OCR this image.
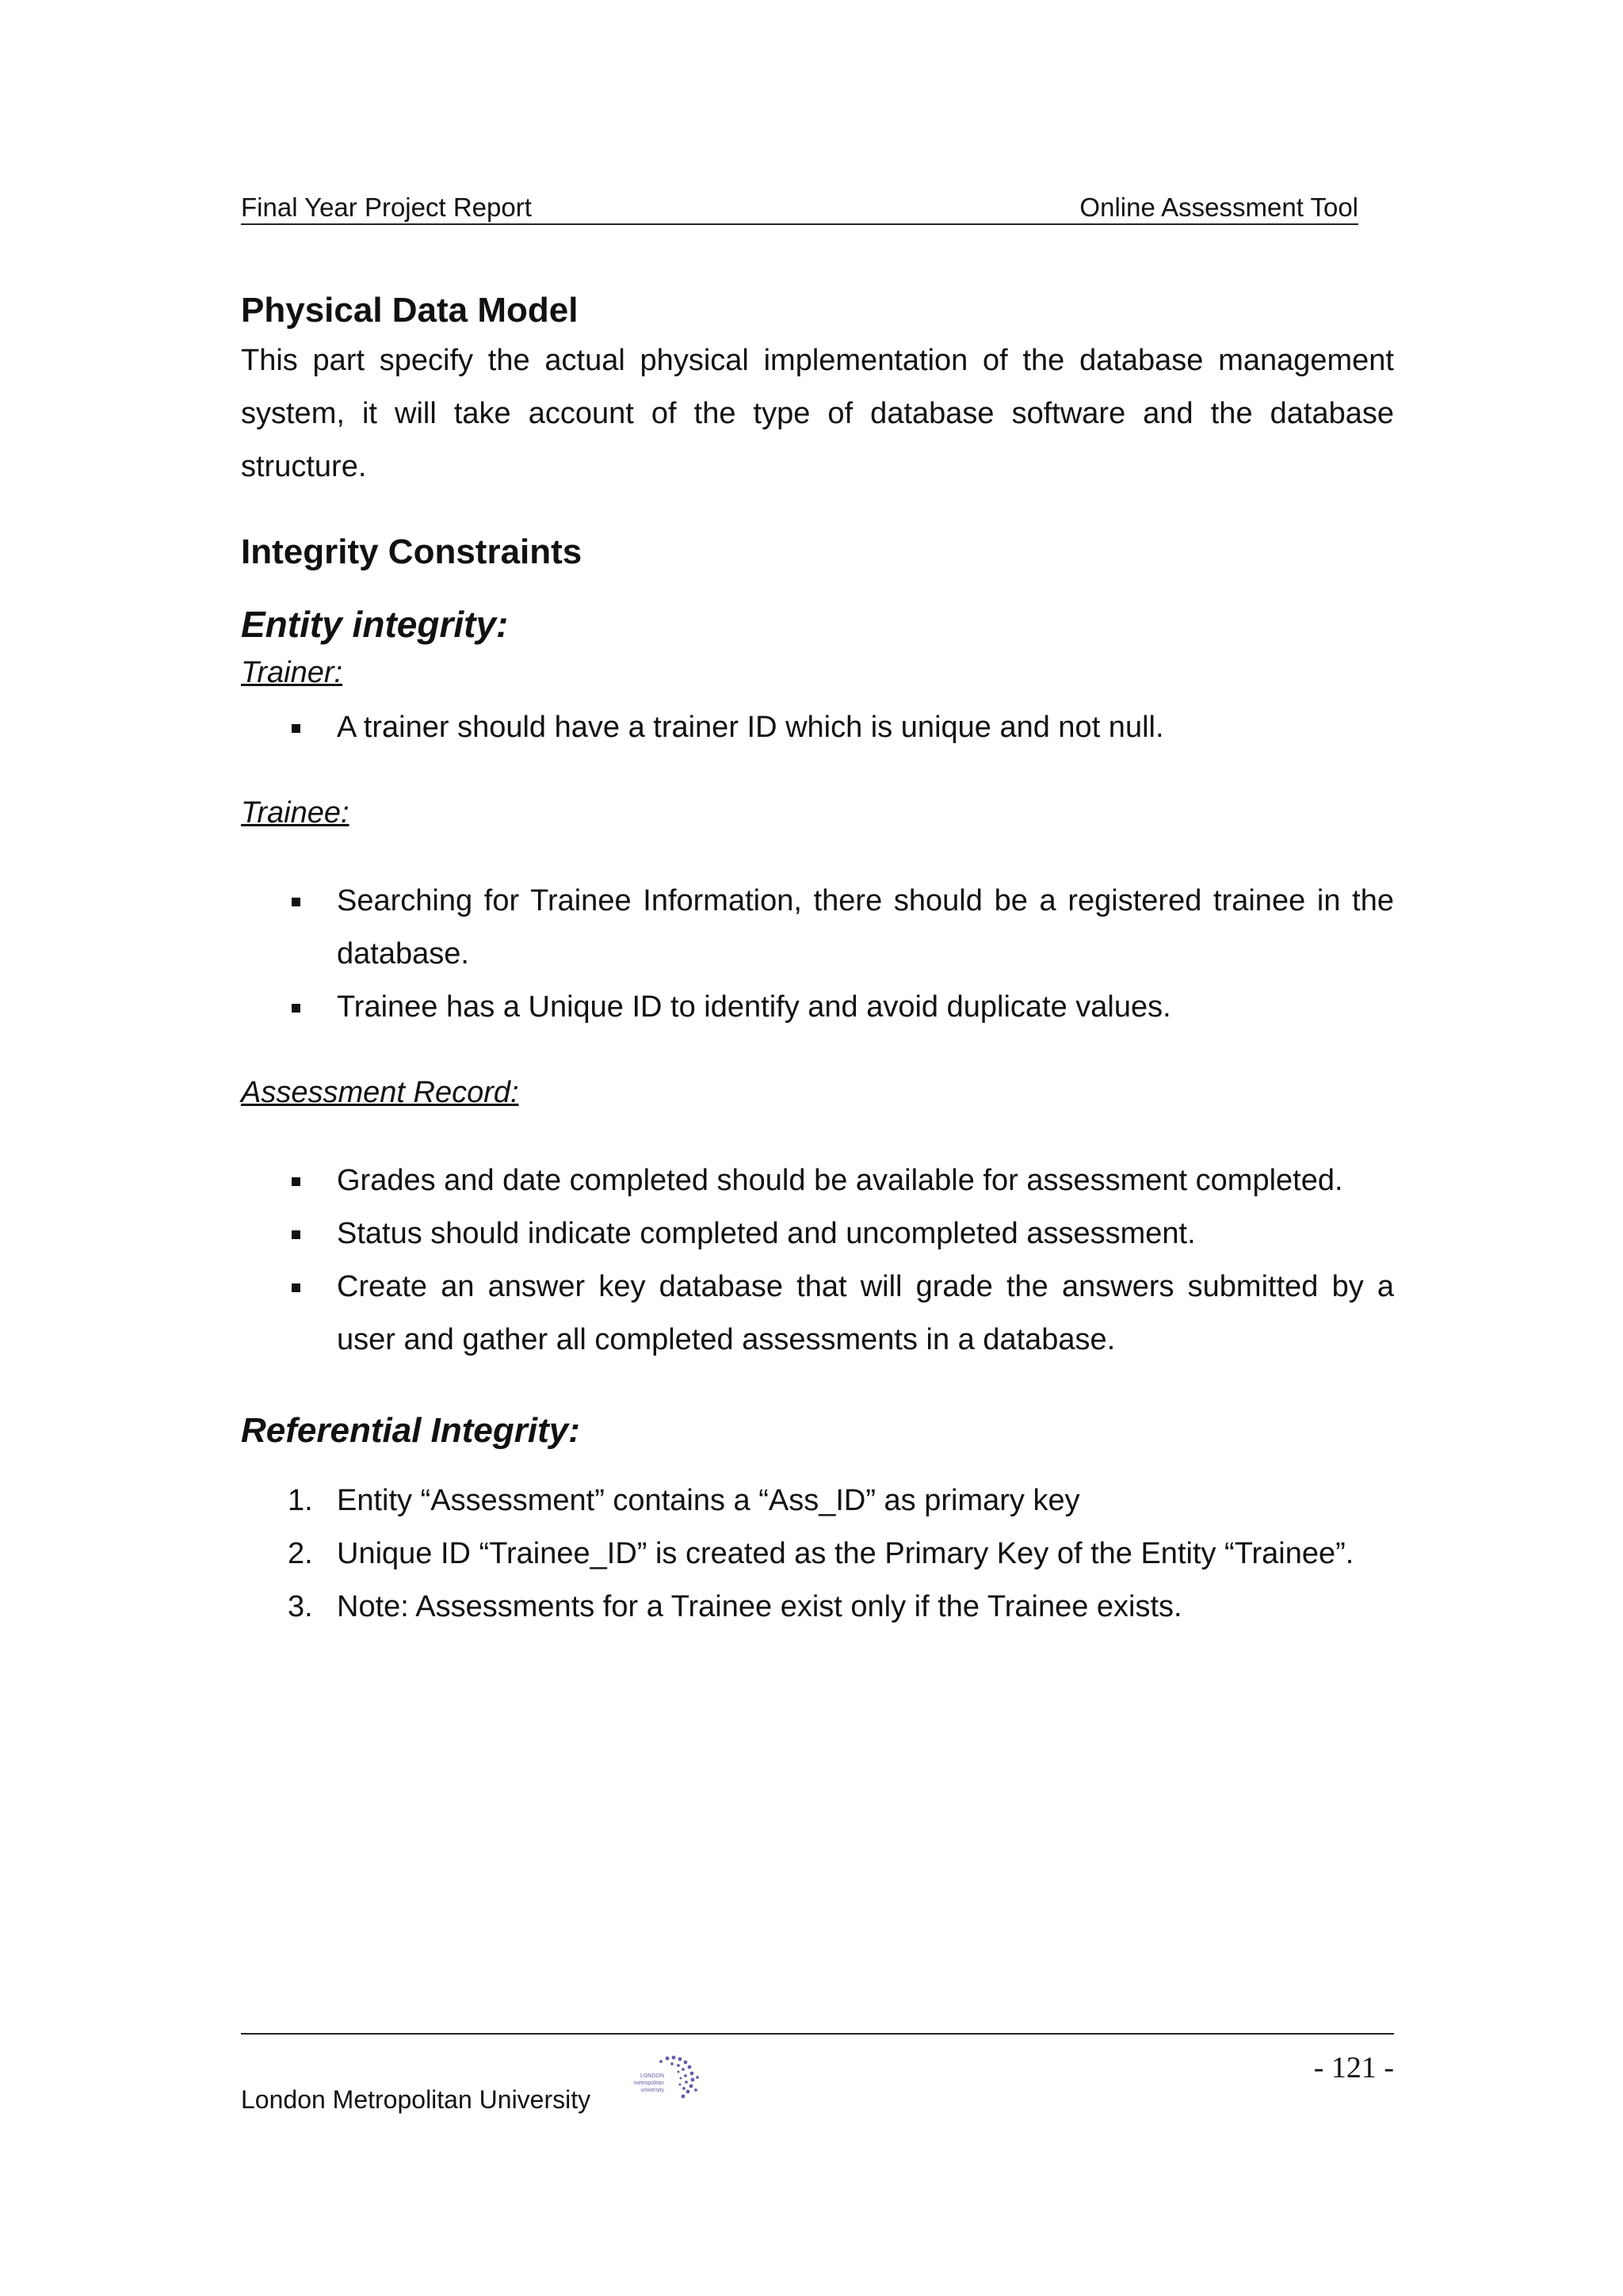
Final Year Project Report	Online Assessment Tool
Physical Data Model

This part specify the actual physical implementation of the database management system, it will take account of the type of database software and the database structure.

Integrity Constraints
Entity integrity:
Trainer:
A trainer should have a trainer ID which is unique and not null.
Trainee:
Searching for Trainee Information, there should be a registered trainee in the database.
Trainee has a Unique ID to identify and avoid duplicate values.
Assessment Record:
Grades and date completed should be available for assessment completed.
Status should indicate completed and uncompleted assessment.
Create an answer key database that will grade the answers submitted by a user and gather all completed assessments in a database.
Referential Integrity:
1. Entity “Assessment” contains a “Ass_ID” as primary key
2. Unique ID “Trainee_ID” is created as the Primary Key of the Entity “Trainee”.
3. Note: Assessments for a Trainee exist only if the Trainee exists.
London Metropolitan University
LONDON
metropolitan
university
- 121 -
